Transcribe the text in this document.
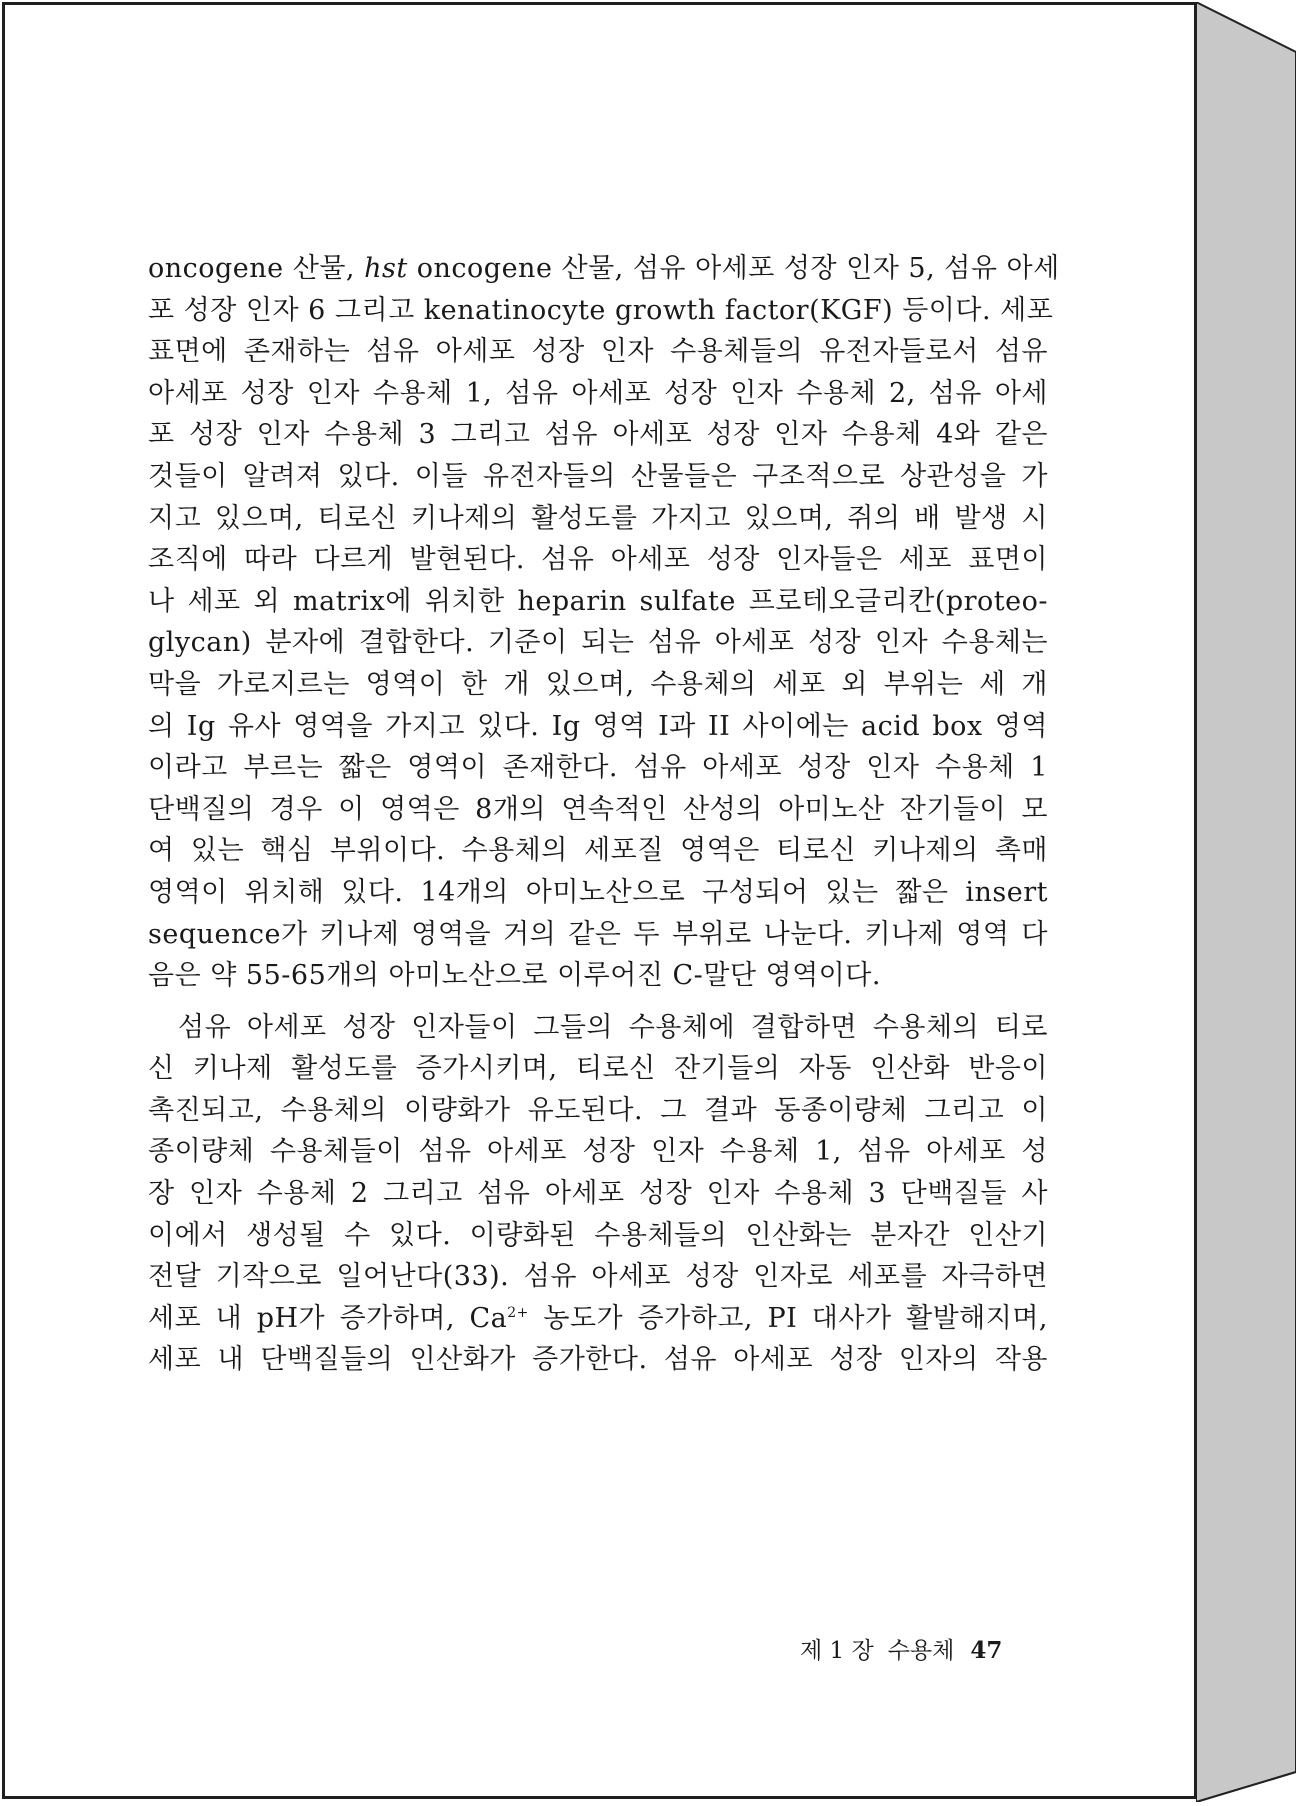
oncogene 산물, hst oncogene 산물, 섬유 아세포 성장 인자 5, 섬유 아세
포 성장 인자 6 그리고 kenatinocyte growth factor(KGF) 등이다. 세포
표면에 존재하는 섬유 아세포 성장 인자 수용체들의 유전자들로서 섬유
아세포 성장 인자 수용체 1, 섬유 아세포 성장 인자 수용체 2, 섬유 아세
포 성장 인자 수용체 3 그리고 섬유 아세포 성장 인자 수용체 4와 같은
것들이 알려져 있다. 이들 유전자들의 산물들은 구조적으로 상관성을 가
지고 있으며, 티로신 키나제의 활성도를 가지고 있으며, 쥐의 배 발생 시
조직에 따라 다르게 발현된다. 섬유 아세포 성장 인자들은 세포 표면이
나 세포 외 matrix에 위치한 heparin sulfate 프로테오글리칸(proteo-
glycan) 분자에 결합한다. 기준이 되는 섬유 아세포 성장 인자 수용체는
막을 가로지르는 영역이 한 개 있으며, 수용체의 세포 외 부위는 세 개
의 Ig 유사 영역을 가지고 있다. Ig 영역 I과 II 사이에는 acid box 영역
이라고 부르는 짧은 영역이 존재한다. 섬유 아세포 성장 인자 수용체 1
단백질의 경우 이 영역은 8개의 연속적인 산성의 아미노산 잔기들이 모
여 있는 핵심 부위이다. 수용체의 세포질 영역은 티로신 키나제의 촉매
영역이 위치해 있다. 14개의 아미노산으로 구성되어 있는 짧은 insert
sequence가 키나제 영역을 거의 같은 두 부위로 나눈다. 키나제 영역 다
음은 약 55-65개의 아미노산으로 이루어진 C-말단 영역이다.
섬유 아세포 성장 인자들이 그들의 수용체에 결합하면 수용체의 티로
신 키나제 활성도를 증가시키며, 티로신 잔기들의 자동 인산화 반응이
촉진되고, 수용체의 이량화가 유도된다. 그 결과 동종이량체 그리고 이
종이량체 수용체들이 섬유 아세포 성장 인자 수용체 1, 섬유 아세포 성
장 인자 수용체 2 그리고 섬유 아세포 성장 인자 수용체 3 단백질들 사
이에서 생성될 수 있다. 이량화된 수용체들의 인산화는 분자간 인산기
전달 기작으로 일어난다(33). 섬유 아세포 성장 인자로 세포를 자극하면
세포 내 pH가 증가하며, $Ca^{2+}$ 농도가 증가하고, PI 대사가 활발해지며,
세포 내 단백질들의 인산화가 증가한다. 섬유 아세포 성장 인자의 작용
제 1 장 수용체 47
